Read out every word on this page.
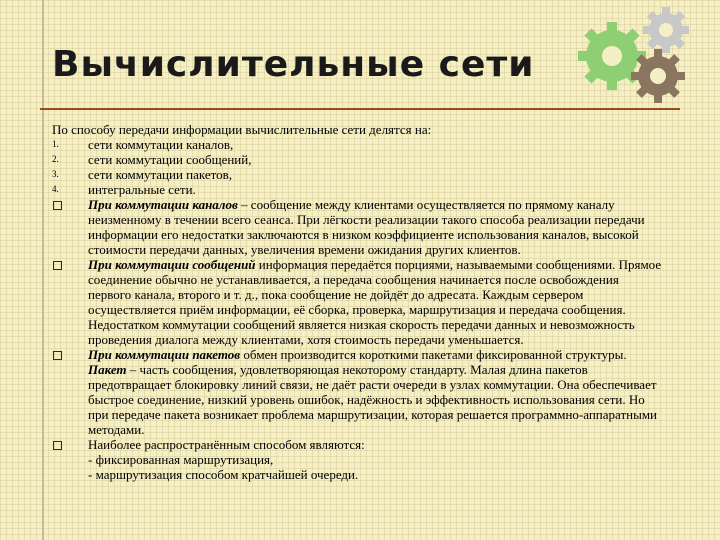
Вычислительные сети

По способу передачи информации вычислительные сети делятся на:

1.	сети коммутации каналов,
2.	сети коммутации сообщений,
3.	сети коммутации пакетов,
4.	интегральные сети.
При коммутации каналов – сообщение между клиентами осуществляется по прямому каналу неизменному в течении всего сеанса. При лёгкости реализации такого способа реализации передачи информации его недостатки заключаются в низком коэффициенте использования каналов, высокой стоимости передачи данных, увеличения времени ожидания других клиентов.
При коммутации сообщений информация передаётся порциями, называемыми сообщениями. Прямое соединение обычно не устанавливается, а передача сообщения начинается после освобождения первого канала, второго и т. д., пока сообщение не дойдёт до адресата. Каждым сервером осуществляется приём информации, её сборка, проверка, маршрутизация и передача сообщения. Недостатком коммутации сообщений является низкая скорость передачи данных и невозможность проведения диалога между клиентами, хотя стоимость передачи уменьшается.
При коммутации пакетов обмен производится короткими пакетами фиксированной структуры. Пакет – часть сообщения, удовлетворяющая некоторому стандарту. Малая длина пакетов предотвращает блокировку линий связи, не даёт расти очереди в узлах коммутации. Она обеспечивает быстрое соединение, низкий уровень ошибок, надёжность и эффективность использования сети. Но при передаче пакета возникает проблема маршрутизации, которая решается программно-аппаратными методами.
Наиболее распространённым способом являются:
- фиксированная маршрутизация,
- маршрутизация способом кратчайшей очереди.
